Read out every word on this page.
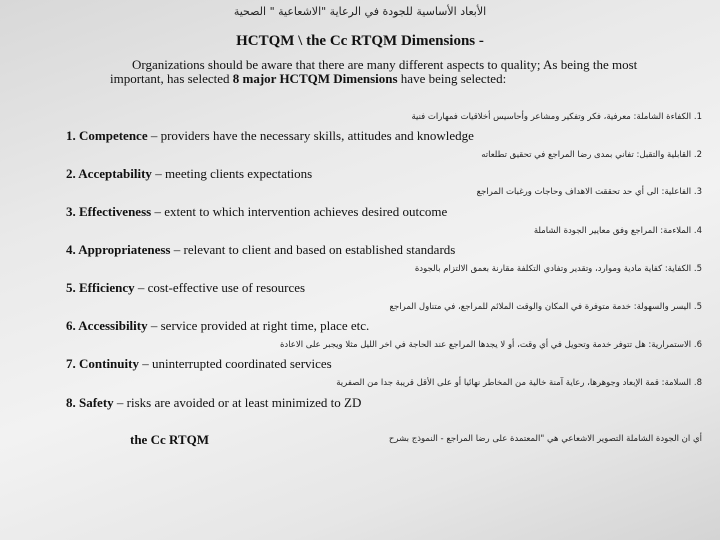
الأبعاد الأساسية للجودة في الرعاية "الاشعاعية " الصحية
HCTQM \ the Cc RTQM Dimensions -
Organizations should be aware that there are many different aspects to quality; As being the most important, has selected 8 major HCTQM Dimensions have being selected:
1. الكفاءة الشاملة: معرفية، فكر وتفكير ومشاعر وأحاسيس أخلاقيات فمهارات فنية
1. Competence – providers have the necessary skills, attitudes and knowledge
2. القابلية والتقبل: تفاني بمدى رضا المراجع في تحقيق تطلعاته
2. Acceptability – meeting clients expectations
3. الفاعلية: الى أي حد تحققت الاهداف وحاجات ورغبات المراجع
3. Effectiveness – extent to which intervention achieves desired outcome
4. الملاءمة: المراجع وفق معايير الجودة الشاملة
4. Appropriateness – relevant to client and based on established standards
5. الكفاية: كفاية مادية وموارد، وتقدير وتفادي التكلفة مقارنة بعمق الالتزام بالجودة
5. Efficiency – cost-effective use of resources
5. اليسر والسهولة: خدمة متوفرة في المكان والوقت الملائم للمراجع، في متناول المراجع
6. Accessibility – service provided at right time, place etc.
6. الاستمرارية: هل تتوفر خدمة وتحويل في أي وقت، أو لا يجدها المراجع عند الحاجة في اخر الليل مثلا ويجبر على الاعادة
7. Continuity – uninterrupted coordinated services
8. السلامة: قمة الإبعاد وجوهرها، رعاية آمنة خالية من المخاطر نهائيا أو على الأقل قريبة جدا من الصفرية
8. Safety – risks are avoided or at least minimized to ZD
the Cc RTQM	أي ان الجودة الشاملة التصوير الاشعاعي هي "المعتمدة على رضا المراجع - النموذج بشرح
